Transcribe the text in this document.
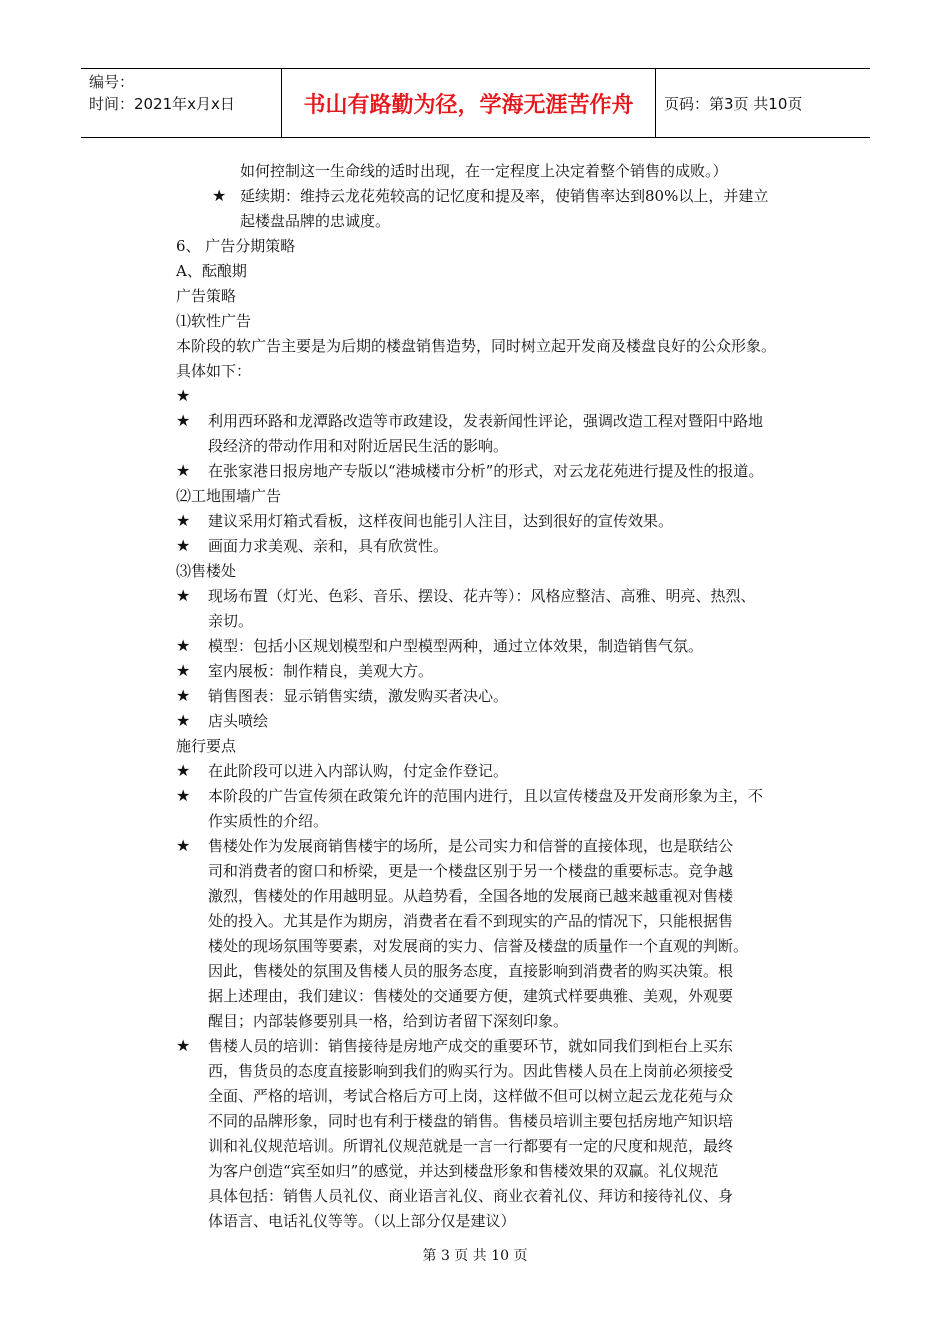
编号：
时间：2021年x月x日	书山有路勤为径，学海无涯苦作舟	页码：第3页 共10页
如何控制这一生命线的适时出现，在一定程度上决定着整个销售的成败。）
★ 延续期：维持云龙花苑较高的记忆度和提及率，使销售率达到80%以上，并建立
起楼盘品牌的忠诚度。
6、 广告分期策略
A、酝酿期
广告策略
⑴软性广告
本阶段的软广告主要是为后期的楼盘销售造势，同时树立起开发商及楼盘良好的公众形象。
具体如下：
★
★	利用西环路和龙潭路改造等市政建设，发表新闻性评论，强调改造工程对暨阳中路地
段经济的带动作用和对附近居民生活的影响。
★	在张家港日报房地产专版以“港城楼市分析”的形式，对云龙花苑进行提及性的报道。
⑵工地围墙广告
★	建议采用灯箱式看板，这样夜间也能引人注目，达到很好的宣传效果。
★	画面力求美观、亲和，具有欣赏性。
⑶售楼处
★	现场布置（灯光、色彩、音乐、摆设、花卉等）：风格应整洁、高雅、明亮、热烈、
亲切。
★	模型：包括小区规划模型和户型模型两种，通过立体效果，制造销售气氛。
★	室内展板：制作精良，美观大方。
★	销售图表：显示销售实绩，激发购买者决心。
★	店头喷绘
施行要点
★	在此阶段可以进入内部认购，付定金作登记。
★	本阶段的广告宣传须在政策允许的范围内进行，且以宣传楼盘及开发商形象为主，不
作实质性的介绍。
★	售楼处作为发展商销售楼宇的场所，是公司实力和信誉的直接体现，也是联结公
司和消费者的窗口和桥梁，更是一个楼盘区别于另一个楼盘的重要标志。竞争越
激烈，售楼处的作用越明显。从趋势看，全国各地的发展商已越来越重视对售楼
处的投入。尤其是作为期房，消费者在看不到现实的产品的情况下，只能根据售
楼处的现场氛围等要素，对发展商的实力、信誉及楼盘的质量作一个直观的判断。
因此，售楼处的氛围及售楼人员的服务态度，直接影响到消费者的购买决策。根
据上述理由，我们建议：售楼处的交通要方便，建筑式样要典雅、美观，外观要
醒目；内部装修要别具一格，给到访者留下深刻印象。
★	售楼人员的培训：销售接待是房地产成交的重要环节，就如同我们到柜台上买东
西，售货员的态度直接影响到我们的购买行为。因此售楼人员在上岗前必须接受
全面、严格的培训，考试合格后方可上岗，这样做不但可以树立起云龙花苑与众
不同的品牌形象，同时也有利于楼盘的销售。售楼员培训主要包括房地产知识培
训和礼仪规范培训。所谓礼仪规范就是一言一行都要有一定的尺度和规范，最终
为客户创造“宾至如归”的感觉，并达到楼盘形象和售楼效果的双赢。礼仪规范
具体包括：销售人员礼仪、商业语言礼仪、商业衣着礼仪、拜访和接待礼仪、身
体语言、电话礼仪等等。（以上部分仅是建议）
第 3 页 共 10 页
